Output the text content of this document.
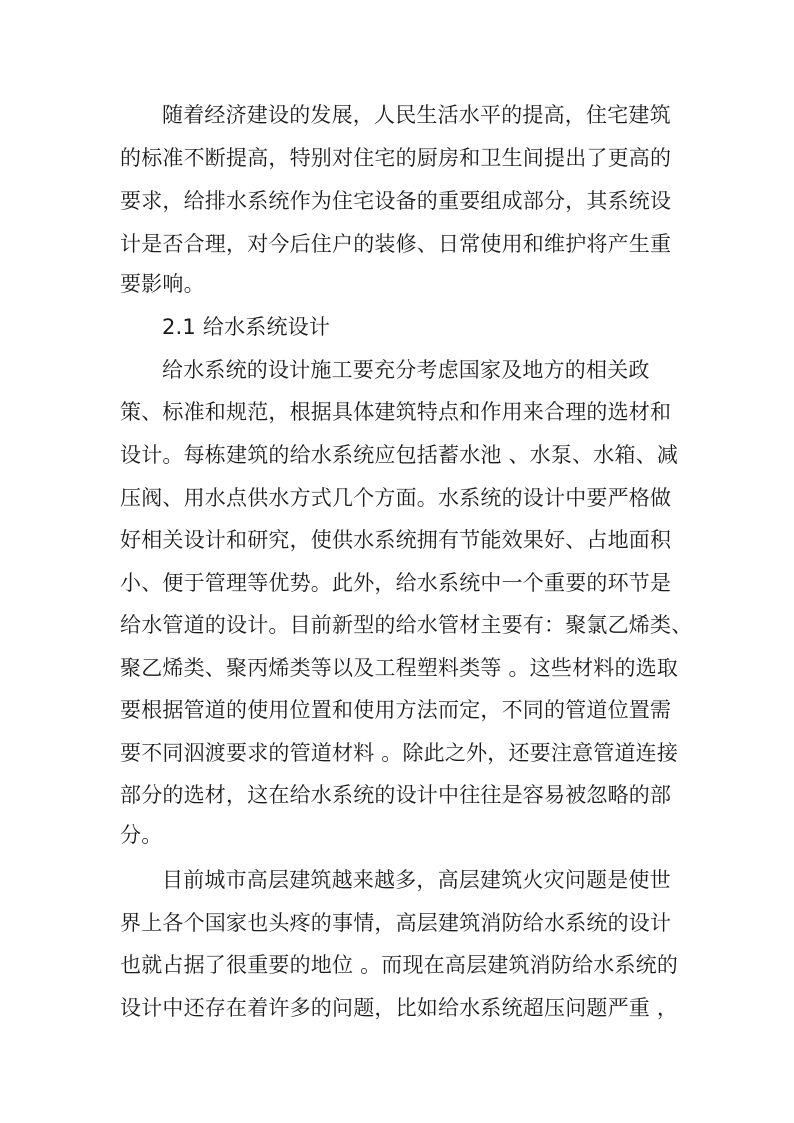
随着经济建设的发展，人民生活水平的提高，住宅建筑

的标准不断提高，特别对住宅的厨房和卫生间提出了更高的

要求，给排水系统作为住宅设备的重要组成部分，其系统设

计是否合理，对今后住户的装修、日常使用和维护将产生重

要影响。

2.1 给水系统设计

给水系统的设计施工要充分考虑国家及地方的相关政

策、标准和规范，根据具体建筑特点和作用来合理的选材和

设计。每栋建筑的给水系统应包括蓄水池 、水泵、水箱、减

压阀、用水点供水方式几个方面。水系统的设计中要严格做

好相关设计和研究，使供水系统拥有节能效果好、占地面积

小、便于管理等优势。此外，给水系统中一个重要的环节是

给水管道的设计。目前新型的给水管材主要有：聚氯乙烯类、

聚乙烯类、聚丙烯类等以及工程塑料类等 。这些材料的选取

要根据管道的使用位置和使用方法而定，不同的管道位置需

要不同泅渡要求的管道材料 。除此之外，还要注意管道连接

部分的选材，这在给水系统的设计中往往是容易被忽略的部

分。

目前城市高层建筑越来越多，高层建筑火灾问题是使世

界上各个国家也头疼的事情，高层建筑消防给水系统的设计

也就占据了很重要的地位 。而现在高层建筑消防给水系统的

设计中还存在着许多的问题，比如给水系统超压问题严重 ，
